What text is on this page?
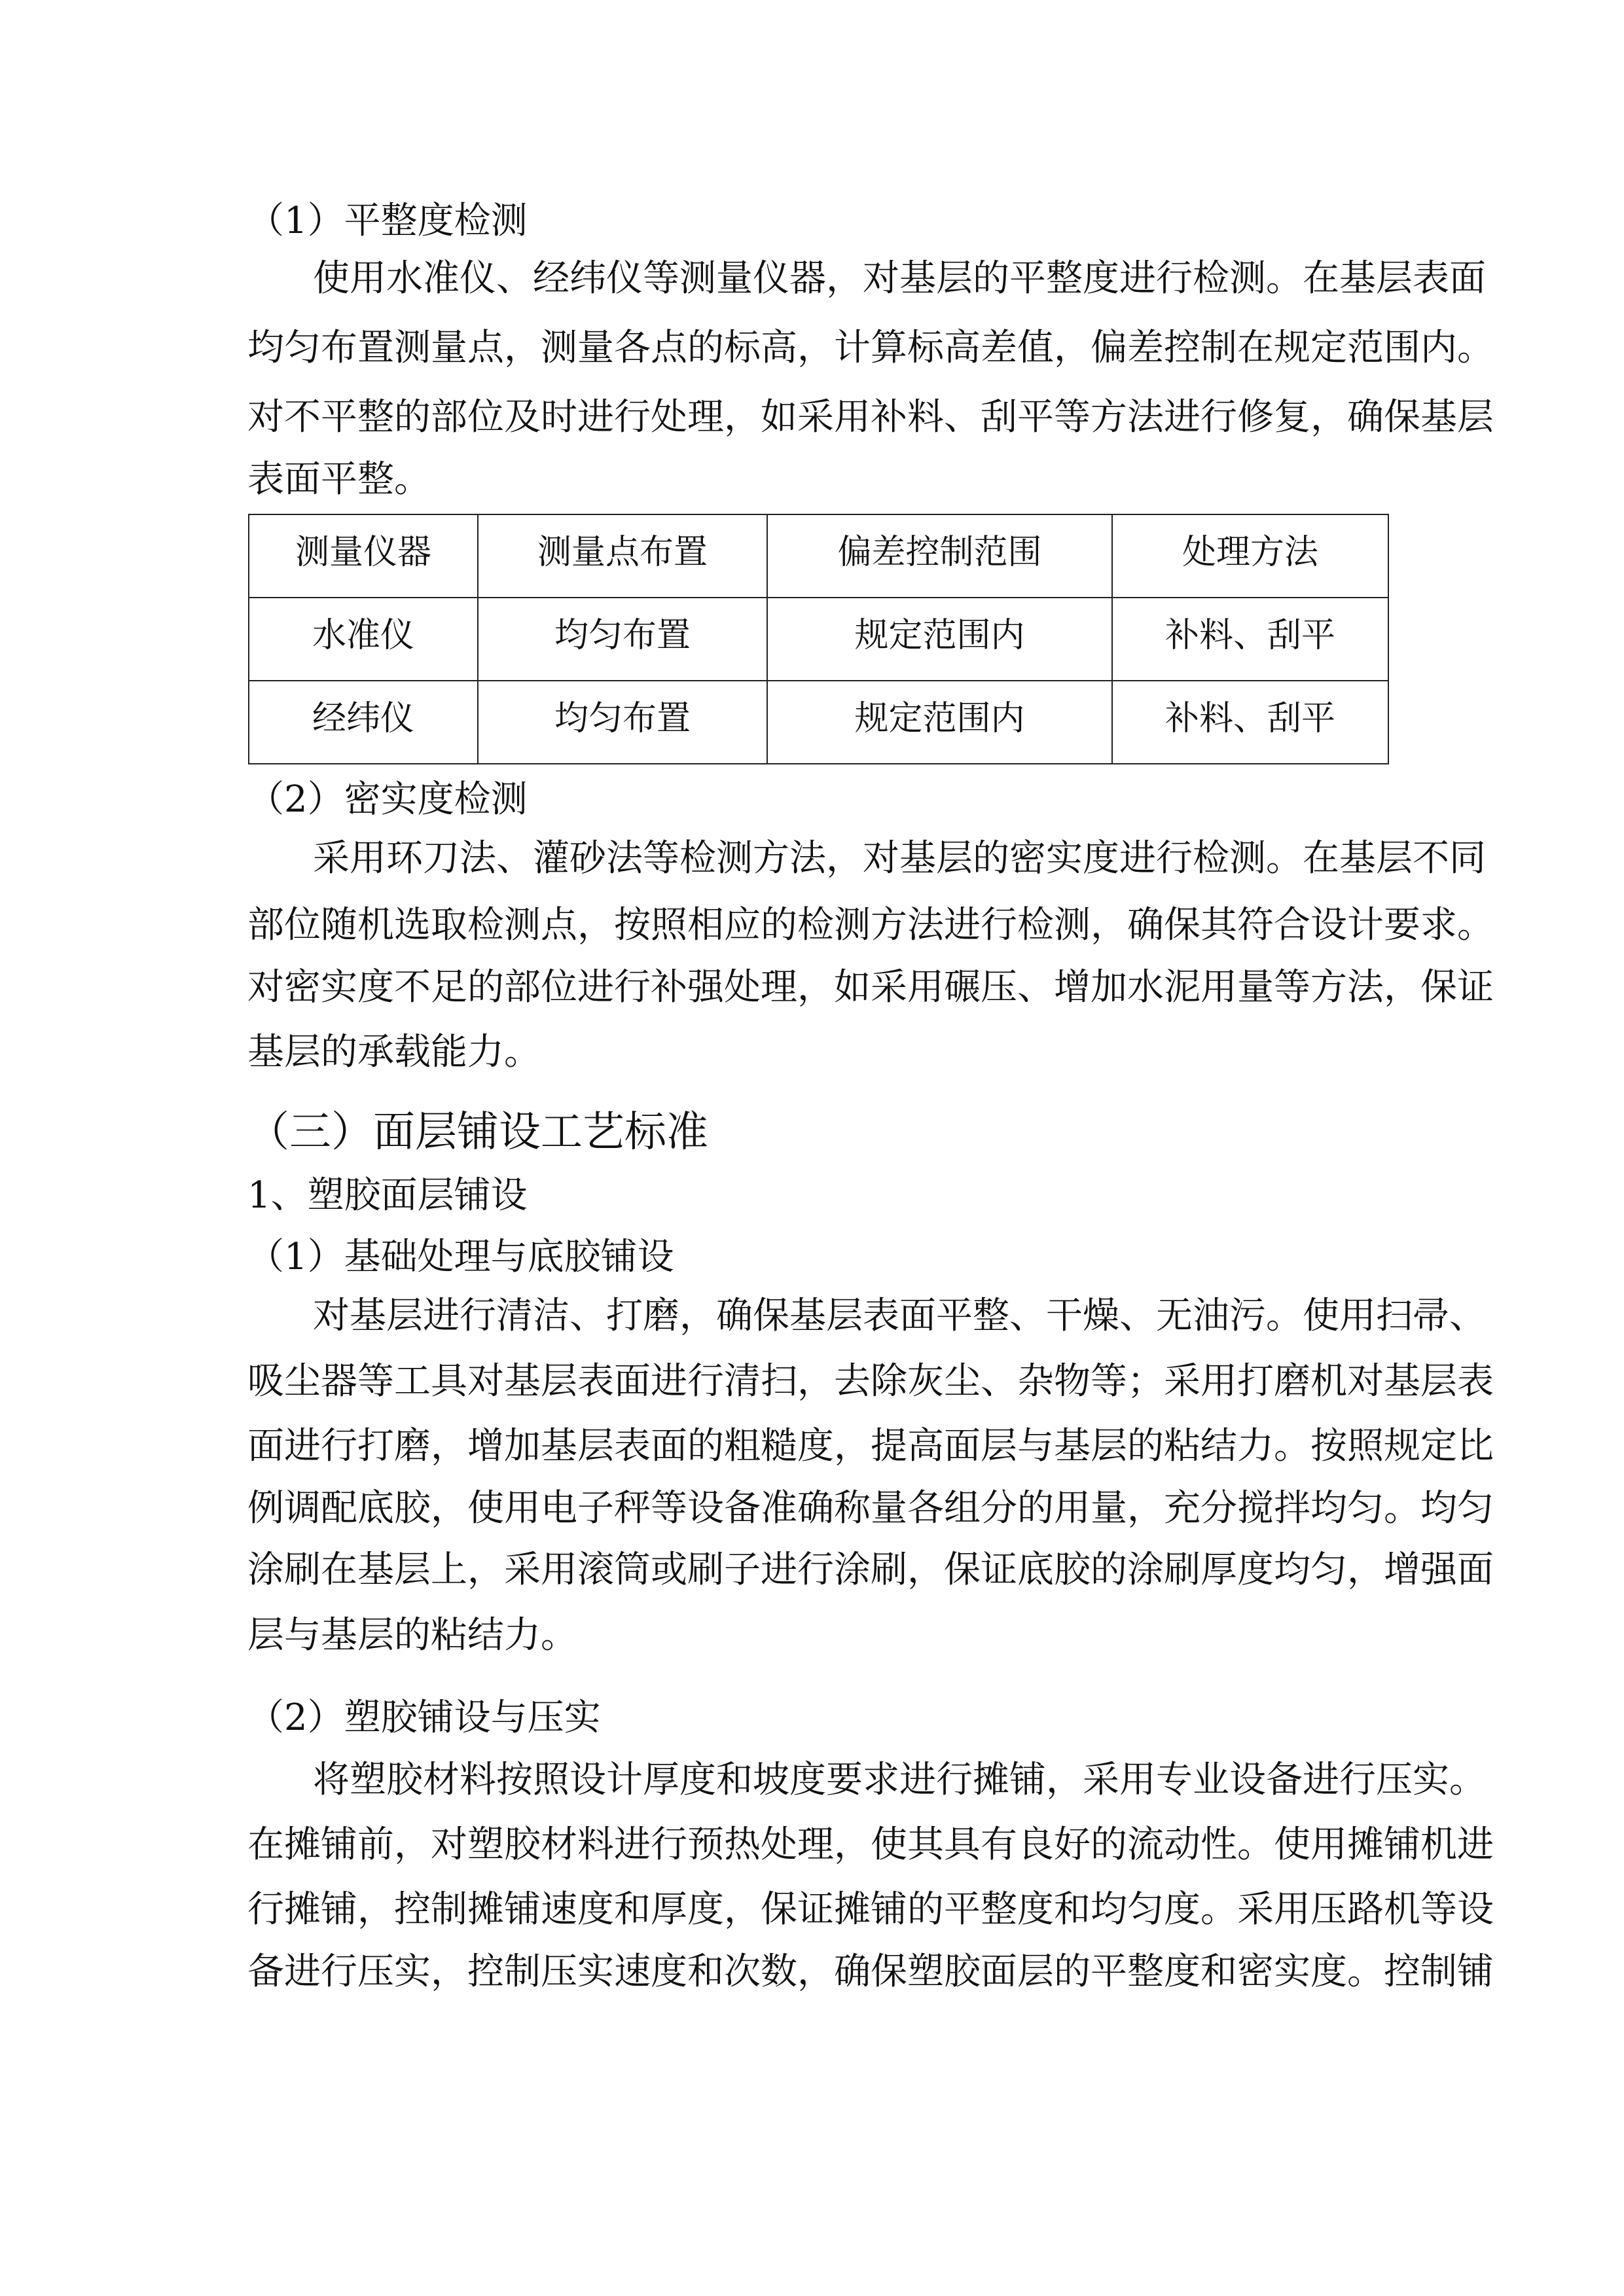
（1）平整度检测
使用水准仪、经纬仪等测量仪器，对基层的平整度进行检测。在基层表面
均匀布置测量点，测量各点的标高，计算标高差值，偏差控制在规定范围内。
对不平整的部位及时进行处理，如采用补料、刮平等方法进行修复，确保基层
表面平整。
（2）密实度检测
采用环刀法、灌砂法等检测方法，对基层的密实度进行检测。在基层不同
部位随机选取检测点，按照相应的检测方法进行检测，确保其符合设计要求。
对密实度不足的部位进行补强处理，如采用碾压、增加水泥用量等方法，保证
基层的承载能力。
（三）面层铺设工艺标准
1、塑胶面层铺设
（1）基础处理与底胶铺设
对基层进行清洁、打磨，确保基层表面平整、干燥、无油污。使用扫帚、
吸尘器等工具对基层表面进行清扫，去除灰尘、杂物等；采用打磨机对基层表
面进行打磨，增加基层表面的粗糙度，提高面层与基层的粘结力。按照规定比
例调配底胶，使用电子秤等设备准确称量各组分的用量，充分搅拌均匀。均匀
涂刷在基层上，采用滚筒或刷子进行涂刷，保证底胶的涂刷厚度均匀，增强面
层与基层的粘结力。
（2）塑胶铺设与压实
将塑胶材料按照设计厚度和坡度要求进行摊铺，采用专业设备进行压实。
在摊铺前，对塑胶材料进行预热处理，使其具有良好的流动性。使用摊铺机进
行摊铺，控制摊铺速度和厚度，保证摊铺的平整度和均匀度。采用压路机等设
备进行压实，控制压实速度和次数，确保塑胶面层的平整度和密实度。控制铺
测量仪器	测量点布置	偏差控制范围	处理方法
水准仪	均匀布置	规定范围内	补料、刮平
经纬仪	均匀布置	规定范围内	补料、刮平
